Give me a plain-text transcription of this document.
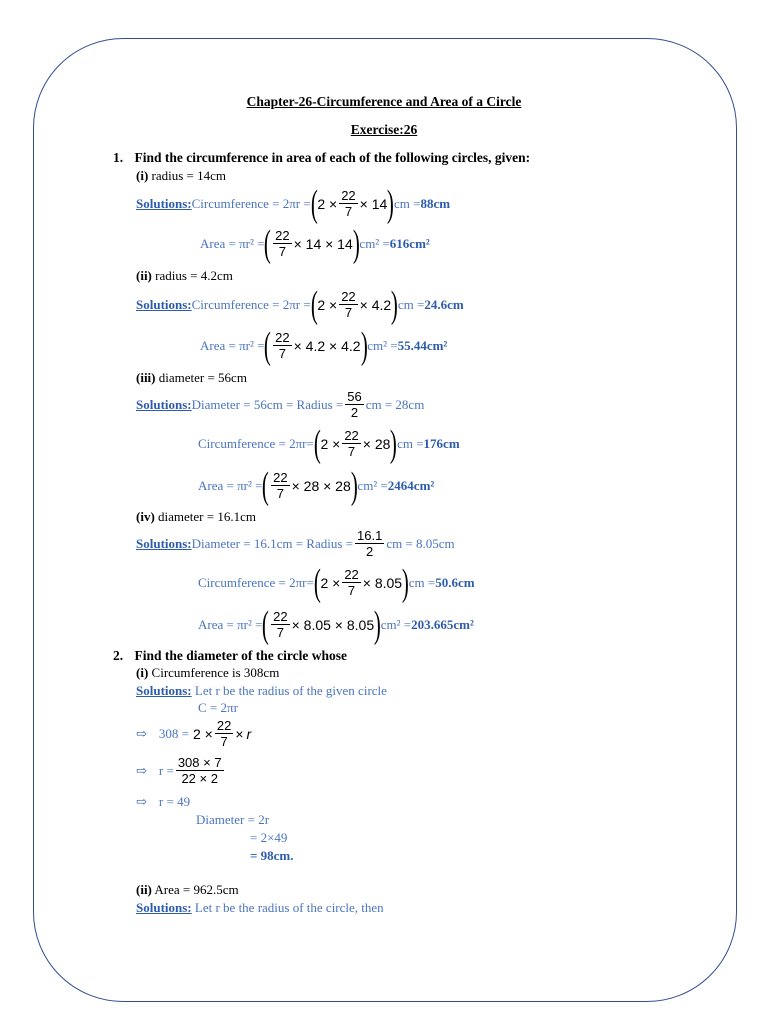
Chapter-26-Circumference and Area of a Circle
Exercise:26
1. Find the circumference in area of each of the following circles, given:
(i) radius = 14cm
Solutions: Circumference = 2πr = ( $2 \times \frac{22}{7} \times 14$ ) cm = 88cm
Area = πr² = ( $\frac{22}{7} \times 14 \times 14$ ) cm² = 616cm²
(ii) radius = 4.2cm
Solutions: Circumference = 2πr = ( $2 \times \frac{22}{7} \times 4.2$ ) cm = 24.6cm
Area = πr² = ( $\frac{22}{7} \times 4.2 \times 4.2$ ) cm² = 55.44cm²
(iii) diameter = 56cm
Solutions: Diameter = 56cm = Radius = $\frac{56}{2}$ cm = 28cm
Circumference = 2πr= ( $2 \times \frac{22}{7} \times 28$ ) cm = 176cm
Area = πr² = ( $\frac{22}{7} \times 28 \times 28$ ) cm² = 2464cm²
(iv) diameter = 16.1cm
Solutions: Diameter = 16.1cm = Radius = $\frac{16.1}{2}$ cm = 8.05cm
Circumference = 2πr= ( $2 \times \frac{22}{7} \times 8.05$ ) cm = 50.6cm
Area = πr² = ( $\frac{22}{7} \times 8.05 \times 8.05$ ) cm² = 203.665cm²
2. Find the diameter of the circle whose
(i) Circumference is 308cm
Solutions: Let r be the radius of the given circle
C = 2πr
⇨ $308 = 2 \times \frac{22}{7} \times r$
⇨ $r = \frac{308 \times 7}{22 \times 2}$
⇨ r = 49
Diameter = 2r
= 2×49
= 98cm.
(ii) Area = 962.5cm
Solutions: Let r be the radius of the circle, then
